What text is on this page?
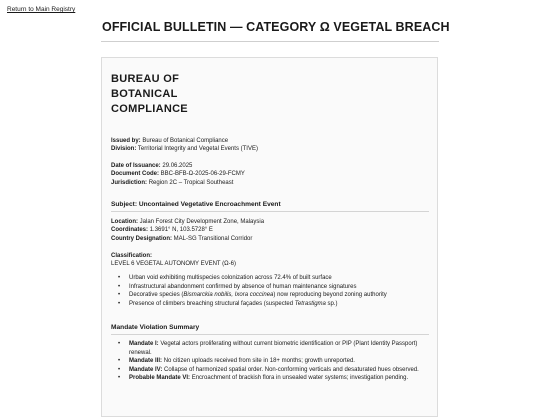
Return to Main Registry
OFFICIAL BULLETIN — CATEGORY Ω VEGETAL BREACH
BUREAU OF
BOTANICAL
COMPLIANCE
Issued by: Bureau of Botanical Compliance
Division: Territorial Integrity and Vegetal Events (TIVE)
Date of Issuance: 29.06.2025
Document Code: BBC-BFB-Ω-2025-06-29-FCMY
Jurisdiction: Region 2C – Tropical Southeast
Subject: Uncontained Vegetative Encroachment Event
Location: Jalan Forest City Development Zone, Malaysia
Coordinates: 1.3691° N, 103.5728° E
Country Designation: MAL-SG Transitional Corridor
Classification:
LEVEL 6 VEGETAL AUTONOMY EVENT (Ω-6)
• Urban void exhibiting multispecies colonization across 72.4% of built surface
• Infrastructural abandonment confirmed by absence of human maintenance signatures
• Decorative species (Bismarckia nobilis, Ixora coccinea) now reproducing beyond zoning authority
• Presence of climbers breaching structural façades (suspected Tetrastigma sp.)
Mandate Violation Summary
• Mandate I: Vegetal actors proliferating without current biometric identification or PIP (Plant Identity Passport) renewal.
• Mandate III: No citizen uploads received from site in 18+ months; growth unreported.
• Mandate IV: Collapse of harmonized spatial order. Non-conforming verticals and desaturated hues observed.
• Probable Mandate VI: Encroachment of brackish flora in unsealed water systems; investigation pending.
